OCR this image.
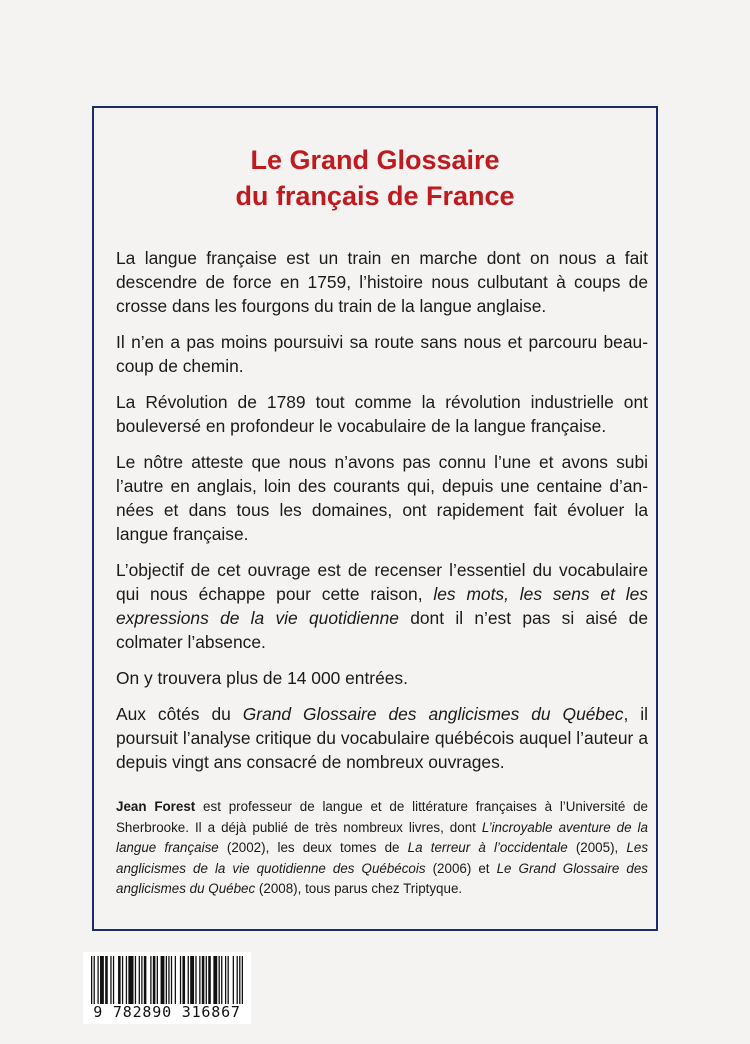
Le Grand Glossaire
du français de France

La langue française est un train en marche dont on nous a fait descendre de force en 1759, l’histoire nous culbutant à coups de crosse dans les fourgons du train de la langue anglaise.

Il n’en a pas moins poursuivi sa route sans nous et parcouru beaucoup de chemin.

La Révolution de 1789 tout comme la révolution industrielle ont bouleversé en profondeur le vocabulaire de la langue française.

Le nôtre atteste que nous n’avons pas connu l’une et avons subi l’autre en anglais, loin des courants qui, depuis une centaine d’années et dans tous les domaines, ont rapidement fait évoluer la langue française.

L’objectif de cet ouvrage est de recenser l’essentiel du vocabulaire qui nous échappe pour cette raison, les mots, les sens et les expressions de la vie quotidienne dont il n’est pas si aisé de colmater l’absence.

On y trouvera plus de 14 000 entrées.

Aux côtés du Grand Glossaire des anglicismes du Québec, il poursuit l’analyse critique du vocabulaire québécois auquel l’auteur a depuis vingt ans consacré de nombreux ouvrages.

Jean Forest est professeur de langue et de littérature françaises à l’Université de Sherbrooke. Il a déjà publié de très nombreux livres, dont L’incroyable aventure de la langue française (2002), les deux tomes de La terreur à l’occidentale (2005), Les anglicismes de la vie quotidienne des Québécois (2006) et Le Grand Glossaire des anglicismes du Québec (2008), tous parus chez Triptyque.

9 782890 316867
